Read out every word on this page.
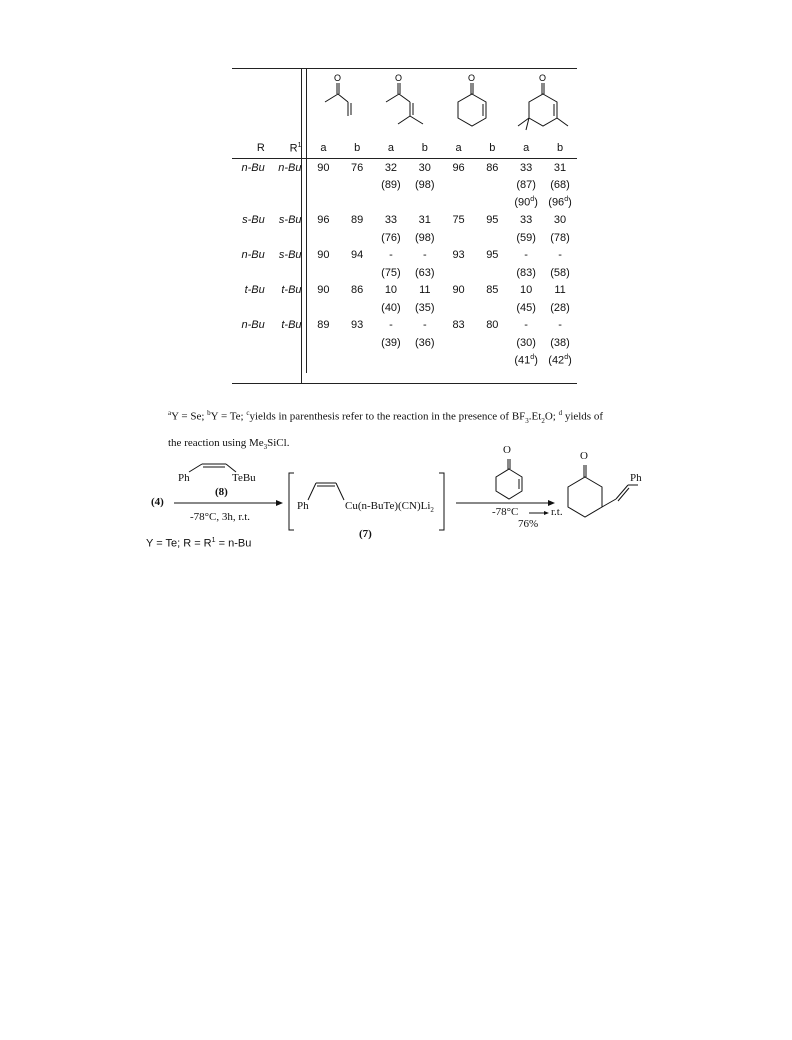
O	O	O	O

R	$R^1$	a	b	a	b	a	b	a	b
n-Bu	n-Bu	90	76	32	30	96	86	33	31
				(89)	(98)			(87)	(68)
								(90$^d$)	(96$^d$)
s-Bu	s-Bu	96	89	33	31	75	95	33	30
				(76)	(98)			(59)	(78)
n-Bu	s-Bu	90	94	-	-	93	95	-	-
				(75)	(63)			(83)	(58)
t-Bu	t-Bu	90	86	10	11	90	85	10	11
				(40)	(35)			(45)	(28)
n-Bu	t-Bu	89	93	-	-	83	80	-	-
				(39)	(36)			(30)	(38)
								(41$^d$)	(42$^d$)
$^a$Y = Se; $^b$Y = Te; $^c$yields in parenthesis refer to the reaction in the presence of $BF_3.Et_2O$; $^d$ yields of
the reaction using $Me_3SiCl$.
Ph	TeBu
(8)
(4)
-78°C, 3h, r.t.
Y = Te; $R = R^1 = n-Bu$
Ph	$Cu(n-BuTe)(CN)Li_2$
(7)
O
-78°C	r.t.
76%
O
Ph
